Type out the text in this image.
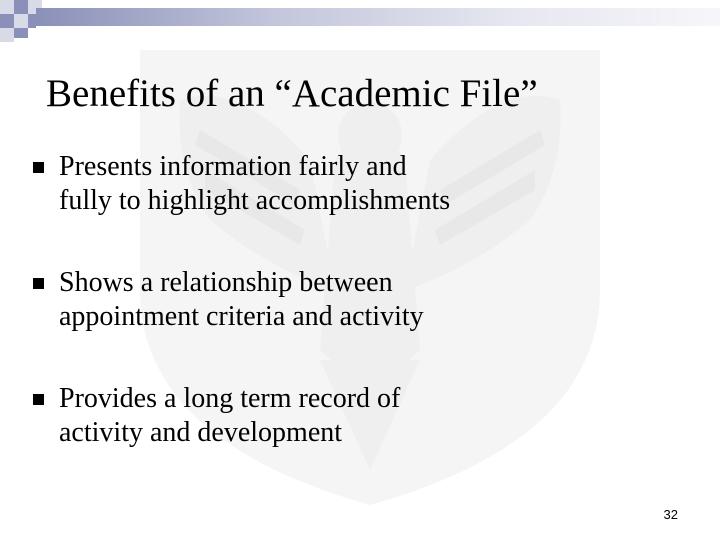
Benefits of an “Academic File”
Presents information fairly and
fully to highlight accomplishments
Shows a relationship between
appointment criteria and activity
Provides a long term record of
activity and development
32
